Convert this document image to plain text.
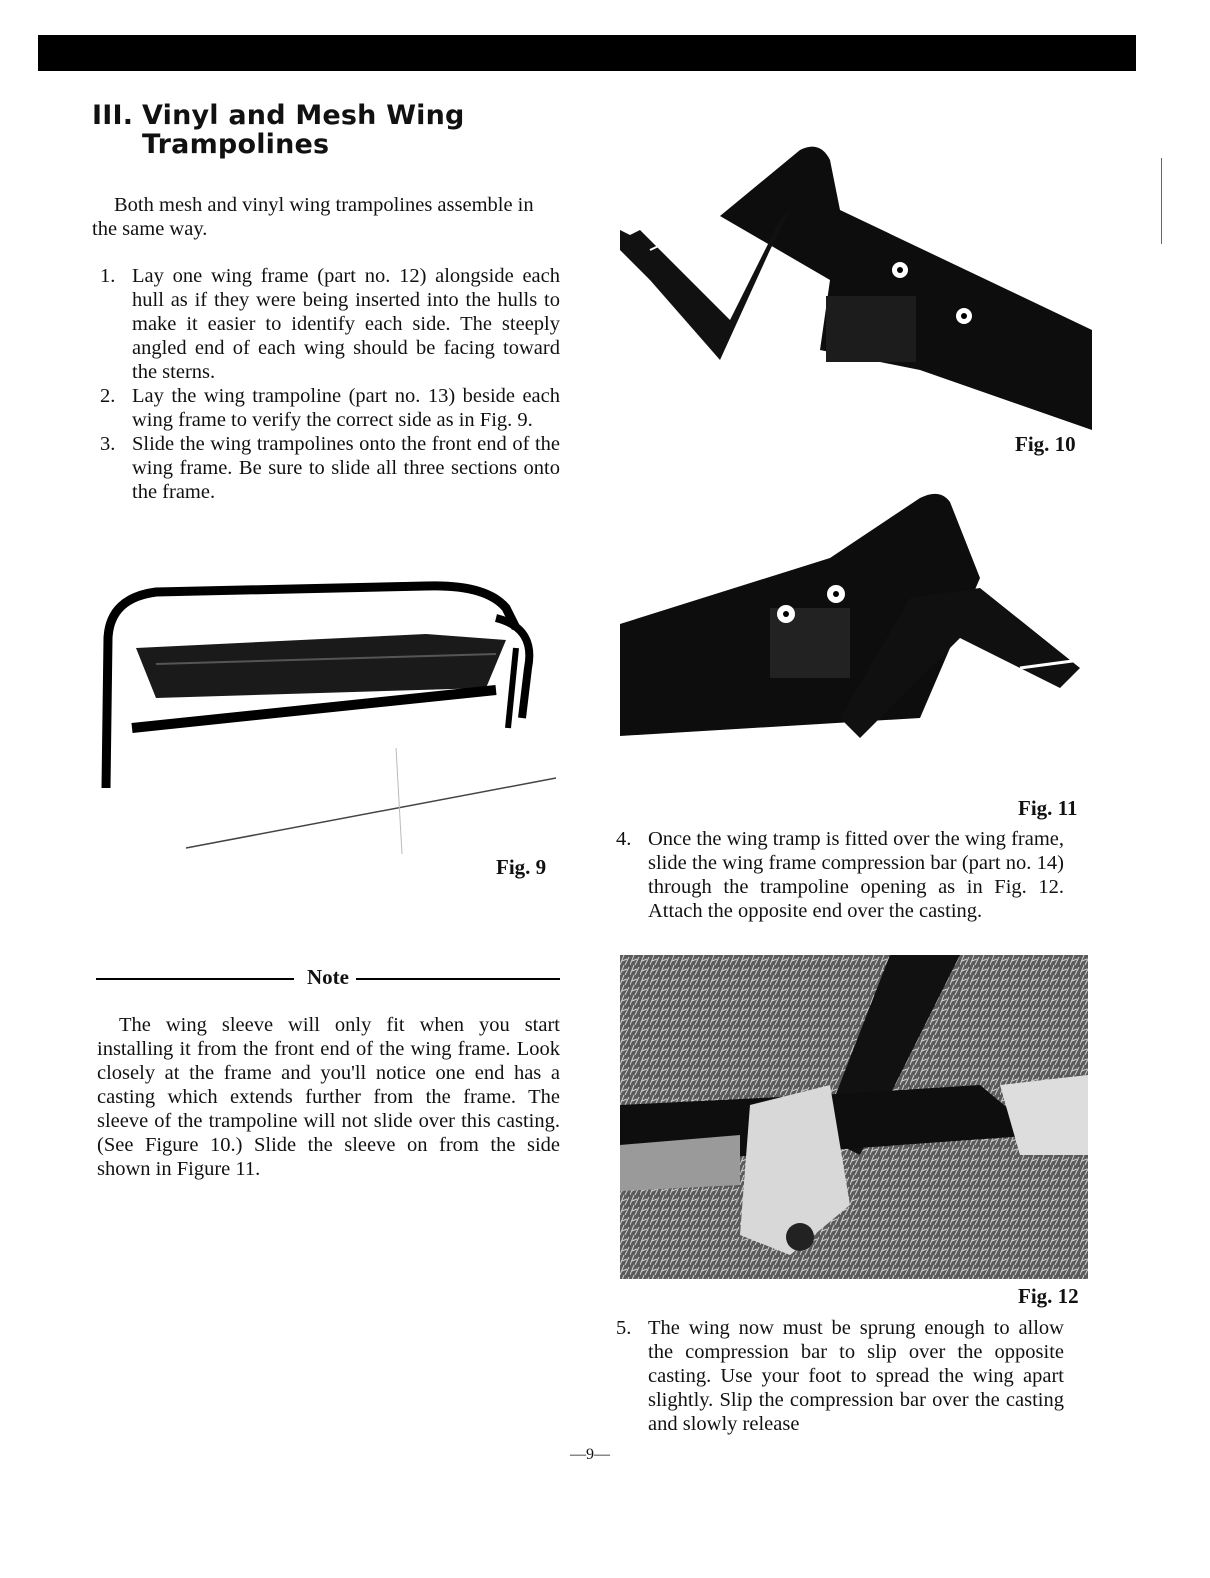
III. Vinyl and Mesh Wing
Trampolines

Both mesh and vinyl wing trampolines assemble in the same way.

1. Lay one wing frame (part no. 12) alongside each hull as if they were being inserted into the hulls to make it easier to identify each side. The steeply angled end of each wing should be facing toward the sterns.
2. Lay the wing trampoline (part no. 13) beside each wing frame to verify the correct side as in Fig. 9.
3. Slide the wing trampolines onto the front end of the wing frame. Be sure to slide all three sections onto the frame.
Fig. 9
Note

The wing sleeve will only fit when you start installing it from the front end of the wing frame. Look closely at the frame and you'll notice one end has a casting which extends further from the frame. The sleeve of the trampoline will not slide over this casting. (See Figure 10.) Slide the sleeve on from the side shown in Figure 11.

Fig. 10
Fig. 11
4. Once the wing tramp is fitted over the wing frame, slide the wing frame compression bar (part no. 14) through the trampoline opening as in Fig. 12. Attach the opposite end over the casting.
Fig. 12
5. The wing now must be sprung enough to allow the compression bar to slip over the opposite casting. Use your foot to spread the wing apart slightly. Slip the compression bar over the casting and slowly release
—9—
